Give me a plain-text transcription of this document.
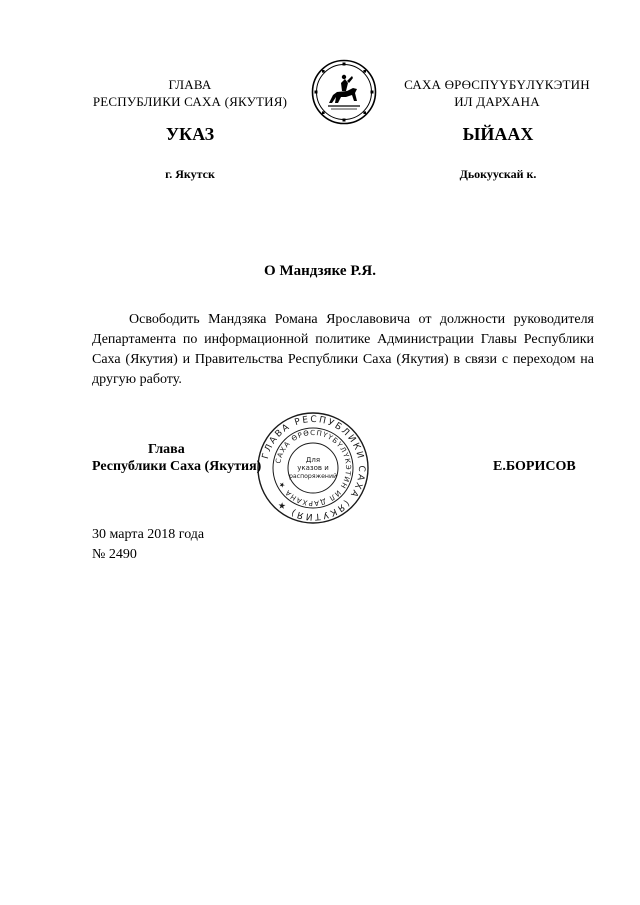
ГЛАВА
РЕСПУБЛИКИ САХА (ЯКУТИЯ)
САХА ӨРӨСПҮҮБҮЛҮКЭТИН
ИЛ ДАРХАНА
УКАЗ	ЫЙААХ
г. Якутск	Дьокуускай к.
О Мандзяке Р.Я.
Освободить Мандзяка Романа Ярославовича от должности руководителя Департамента по информационной политике Администрации Главы Республики Саха (Якутия) и Правительства Республики Саха (Якутия) в связи с переходом на другую работу.
ГЛАВА РЕСПУБЛИКИ САХА (ЯКУТИЯ) ★
САХА ӨРӨСПҮҮБҮЛҮКЭТИН ИЛ ДАРХАНА ★
Для
указов и
распоряжений
Глава
Республики Саха (Якутия)	Е.БОРИСОВ
30 марта 2018 года
№ 2490
